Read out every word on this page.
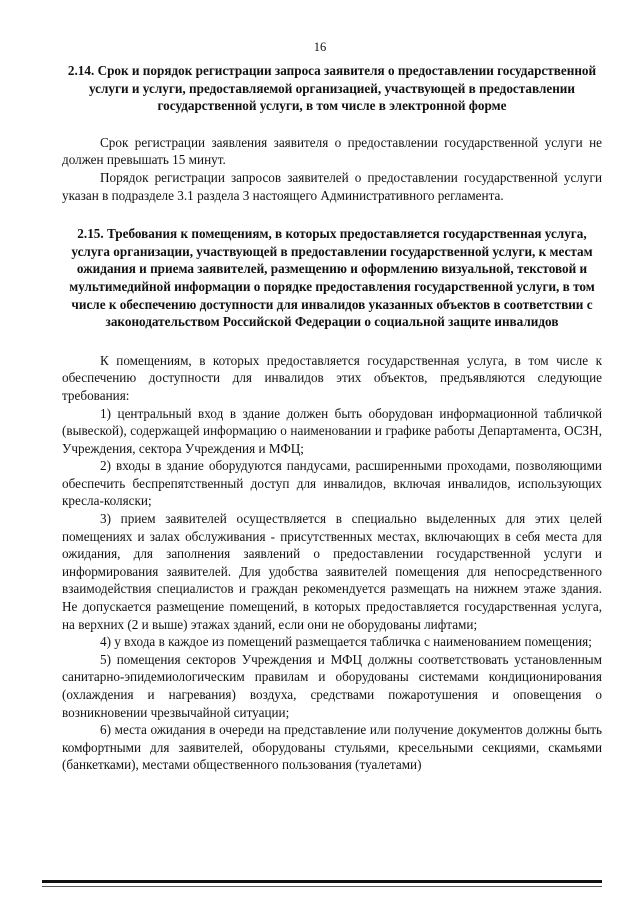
16
2.14. Срок и порядок регистрации запроса заявителя о предоставлении государственной услуги и услуги, предоставляемой организацией, участвующей в предоставлении государственной услуги, в том числе в электронной форме

Срок регистрации заявления заявителя о предоставлении государственной услуги не должен превышать 15 минут.

Порядок регистрации запросов заявителей о предоставлении государственной услуги указан в подразделе 3.1 раздела 3 настоящего Административного регламента.

2.15. Требования к помещениям, в которых предоставляется государственная услуга, услуга организации, участвующей в предоставлении государственной услуги, к местам ожидания и приема заявителей, размещению и оформлению визуальной, текстовой и мультимедийной информации о порядке предоставления государственной услуги, в том числе к обеспечению доступности для инвалидов указанных объектов в соответствии с законодательством Российской Федерации о социальной защите инвалидов

К помещениям, в которых предоставляется государственная услуга, в том числе к обеспечению доступности для инвалидов этих объектов, предъявляются следующие требования:

1) центральный вход в здание должен быть оборудован информационной табличкой (вывеской), содержащей информацию о наименовании и графике работы Департамента, ОСЗН, Учреждения, сектора Учреждения и МФЦ;

2) входы в здание оборудуются пандусами, расширенными проходами, позволяющими обеспечить беспрепятственный доступ для инвалидов, включая инвалидов, использующих кресла-коляски;

3) прием заявителей осуществляется в специально выделенных для этих целей помещениях и залах обслуживания - присутственных местах, включающих в себя места для ожидания, для заполнения заявлений о предоставлении государственной услуги и информирования заявителей. Для удобства заявителей помещения для непосредственного взаимодействия специалистов и граждан рекомендуется размещать на нижнем этаже здания. Не допускается размещение помещений, в которых предоставляется государственная услуга, на верхних (2 и выше) этажах зданий, если они не оборудованы лифтами;

4) у входа в каждое из помещений размещается табличка с наименованием помещения;

5) помещения секторов Учреждения и МФЦ должны соответствовать установленным санитарно-эпидемиологическим правилам и оборудованы системами кондиционирования (охлаждения и нагревания) воздуха, средствами пожаротушения и оповещения о возникновении чрезвычайной ситуации;

6) места ожидания в очереди на представление или получение документов должны быть комфортными для заявителей, оборудованы стульями, кресельными секциями, скамьями (банкетками), местами общественного пользования (туалетами)
